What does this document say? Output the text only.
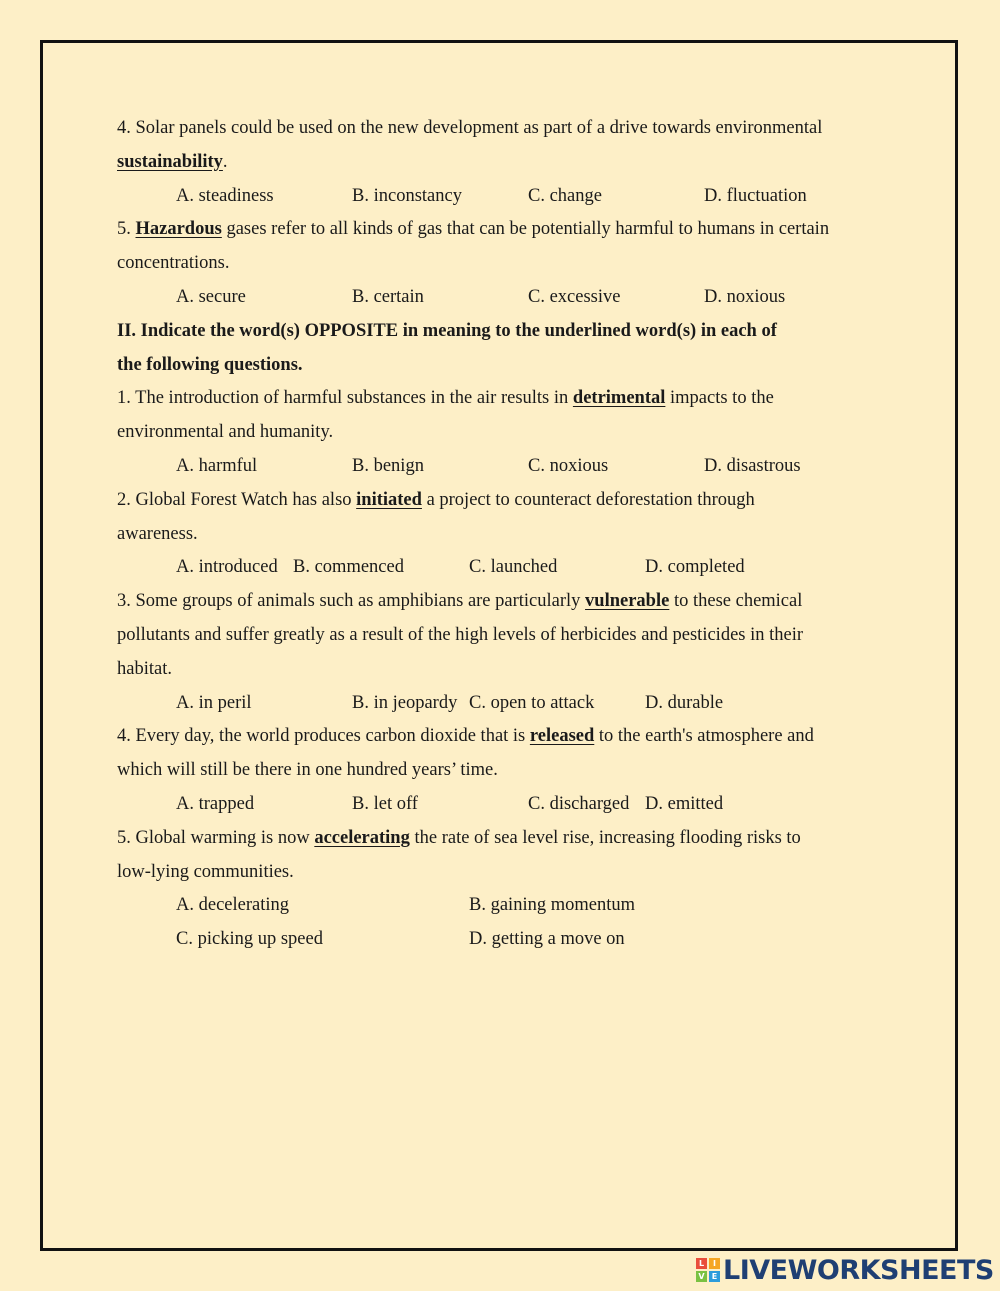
4. Solar panels could be used on the new development as part of a drive towards environmental
sustainability.
A. steadiness	B. inconstancy	C. change	D. fluctuation
5. Hazardous gases refer to all kinds of gas that can be potentially harmful to humans in certain
concentrations.
A. secure	B. certain	C. excessive	D. noxious
II. Indicate the word(s) OPPOSITE in meaning to the underlined word(s) in each of
the following questions.
1. The introduction of harmful substances in the air results in detrimental impacts to the
environmental and humanity.
A. harmful	B. benign	C. noxious	D. disastrous
2. Global Forest Watch has also initiated a project to counteract deforestation through
awareness.
A. introduced B. commenced	C. launched	D. completed
3. Some groups of animals such as amphibians are particularly vulnerable to these chemical
pollutants and suffer greatly as a result of the high levels of herbicides and pesticides in their
habitat.
A. in peril	B. in jeopardy C. open to attack	D. durable
4. Every day, the world produces carbon dioxide that is released to the earth's atmosphere and
which will still be there in one hundred years’ time.
A. trapped	B. let off	C. discharged D. emitted
5. Global warming is now accelerating the rate of sea level rise, increasing flooding risks to
low-lying communities.
A. decelerating	B. gaining momentum
C. picking up speed	D. getting a move on
L	I
V E LIVEWORKSHEETS
